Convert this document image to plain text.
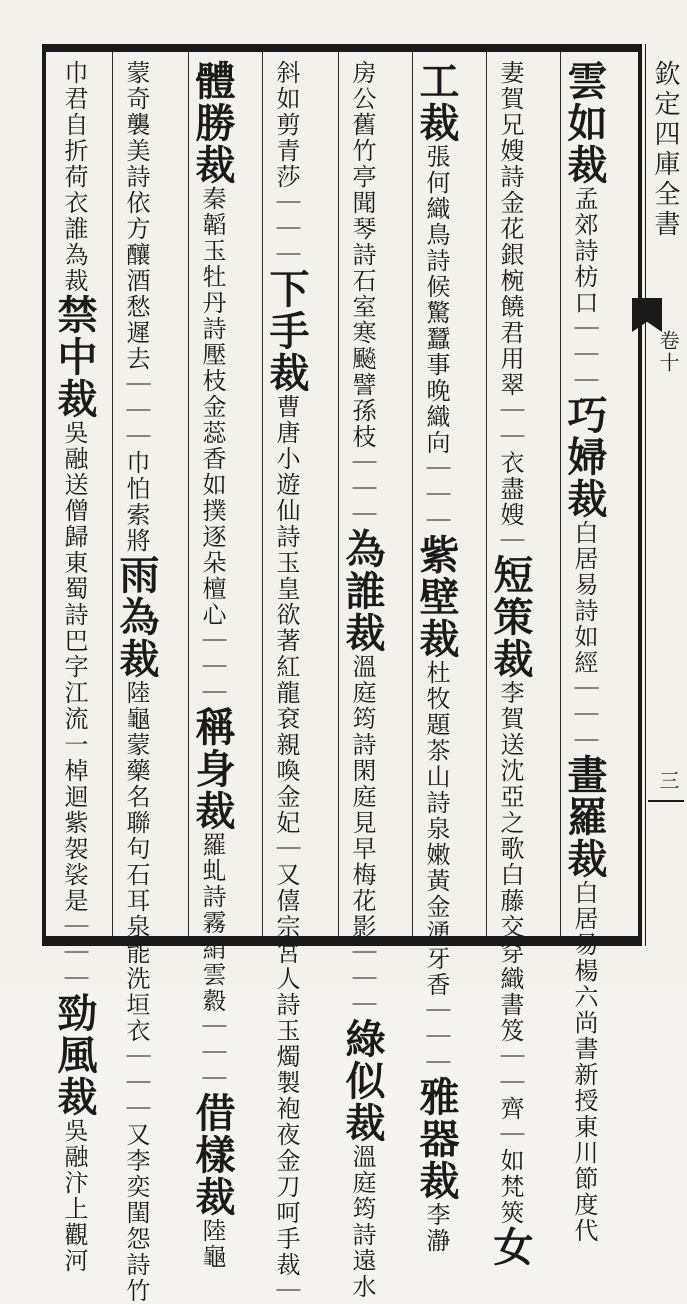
雲如裁孟郊詩枋口｜｜｜巧婦裁白居易詩如經｜｜｜畫羅裁白居易楊六尚書新授東川節度代
妻賀兄嫂詩金花銀椀饒君用翠｜｜衣盡嫂｜短策裁李賀送沈亞之歌白藤交穿織書笈｜｜齊｜如梵筴女
工裁張何織鳥詩候驚蠶事晚織向｜｜｜紫壁裁杜牧題茶山詩泉嫩黃金湧牙香｜｜｜雅器裁李瀞
房公舊竹亭聞琴詩石室寒飈譬孫枝｜｜｜為誰裁溫庭筠詩閑庭見早梅花影｜｜｜綠似裁溫庭筠詩遠水
斜如剪青莎｜｜｜下手裁曹唐小遊仙詩玉皇欲著紅龍袞親喚金妃｜又僖宗宮人詩玉燭製袍夜金刀呵手裁｜
體勝裁秦韜玉牡丹詩壓枝金蕊香如撲逐朵檀心｜｜｜稱身裁羅虬詩霧綃雲縠｜｜｜借樣裁陸龜
蒙奇襲美詩依方釀酒愁遲去｜｜｜巾怕索將雨為裁陸龜蒙藥名聯句石耳泉能洗垣衣｜｜｜又李奕閨怨詩竹
巾君自折荷衣誰為裁禁中裁吳融送僧歸東蜀詩巴字江流一棹迴紫袈裟是｜｜｜勁風裁吳融汴上觀河
欽定四庫全書
卷十
三
